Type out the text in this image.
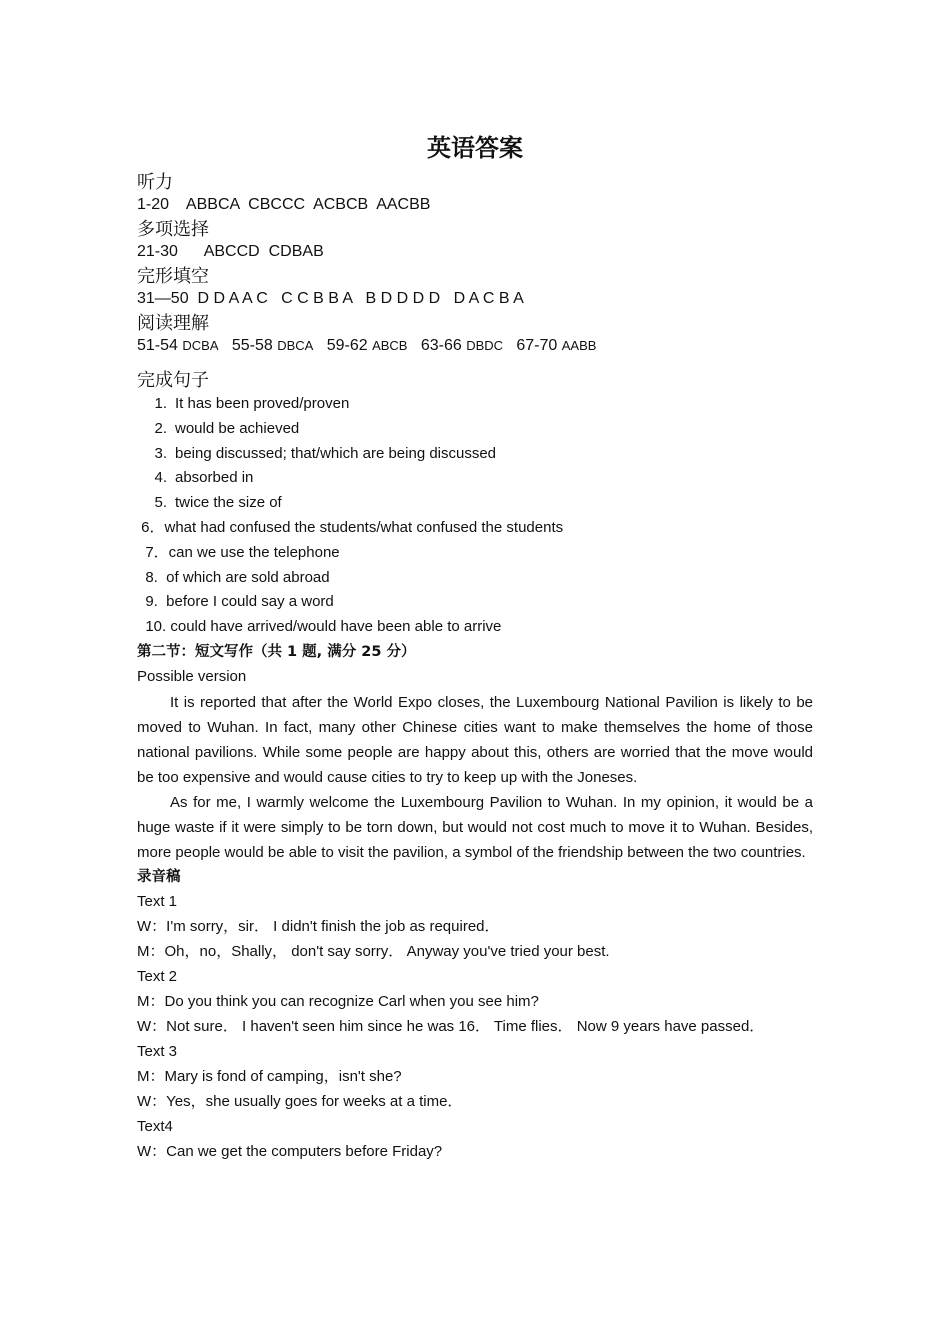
英语答案
听力
1-20    ABBCA  CBCCC  ACBCB  AACBB
多项选择
21-30      ABCCD  CDBAB
完形填空
31—50  D D A A C   C C B B A   B D D D D   D A C B A
阅读理解
51-54 DCBA 55-58 DBCA 59-62 ABCB 63-66 DBDC 67-70 AABB
完成句子
1. It has been proved/proven
2. would be achieved
3. being discussed; that/which are being discussed
4. absorbed in
5. twice the size of
6．what had confused the students/what confused the students
7．can we use the telephone
8.  of which are sold abroad
9.  before I could say a word
10. could have arrived/would have been able to arrive
第二节：短文写作（共 1 题, 满分 25 分）
Possible version

It is reported that after the World Expo closes, the Luxembourg National Pavilion is likely to be moved to Wuhan. In fact, many other Chinese cities want to make themselves the home of those national pavilions. While some people are happy about this, others are worried that the move would be too expensive and would cause cities to try to keep up with the Joneses.

As for me, I warmly welcome the Luxembourg Pavilion to Wuhan. In my opinion, it would be a huge waste if it were simply to be torn down, but would not cost much to move it to Wuhan. Besides, more people would be able to visit the pavilion, a symbol of the friendship between the two countries.

录音稿
Text 1
W：I'm sorry，sir． I didn't finish the job as required．
M：Oh，no，Shally， don't say sorry． Anyway you've tried your best.
Text 2
M：Do you think you can recognize Carl when you see him?
W：Not sure． I haven't seen him since he was 16． Time flies． Now 9 years have passed．
Text 3
M：Mary is fond of camping，isn't she?
W：Yes，she usually goes for weeks at a time．
Text4
W：Can we get the computers before Friday?
